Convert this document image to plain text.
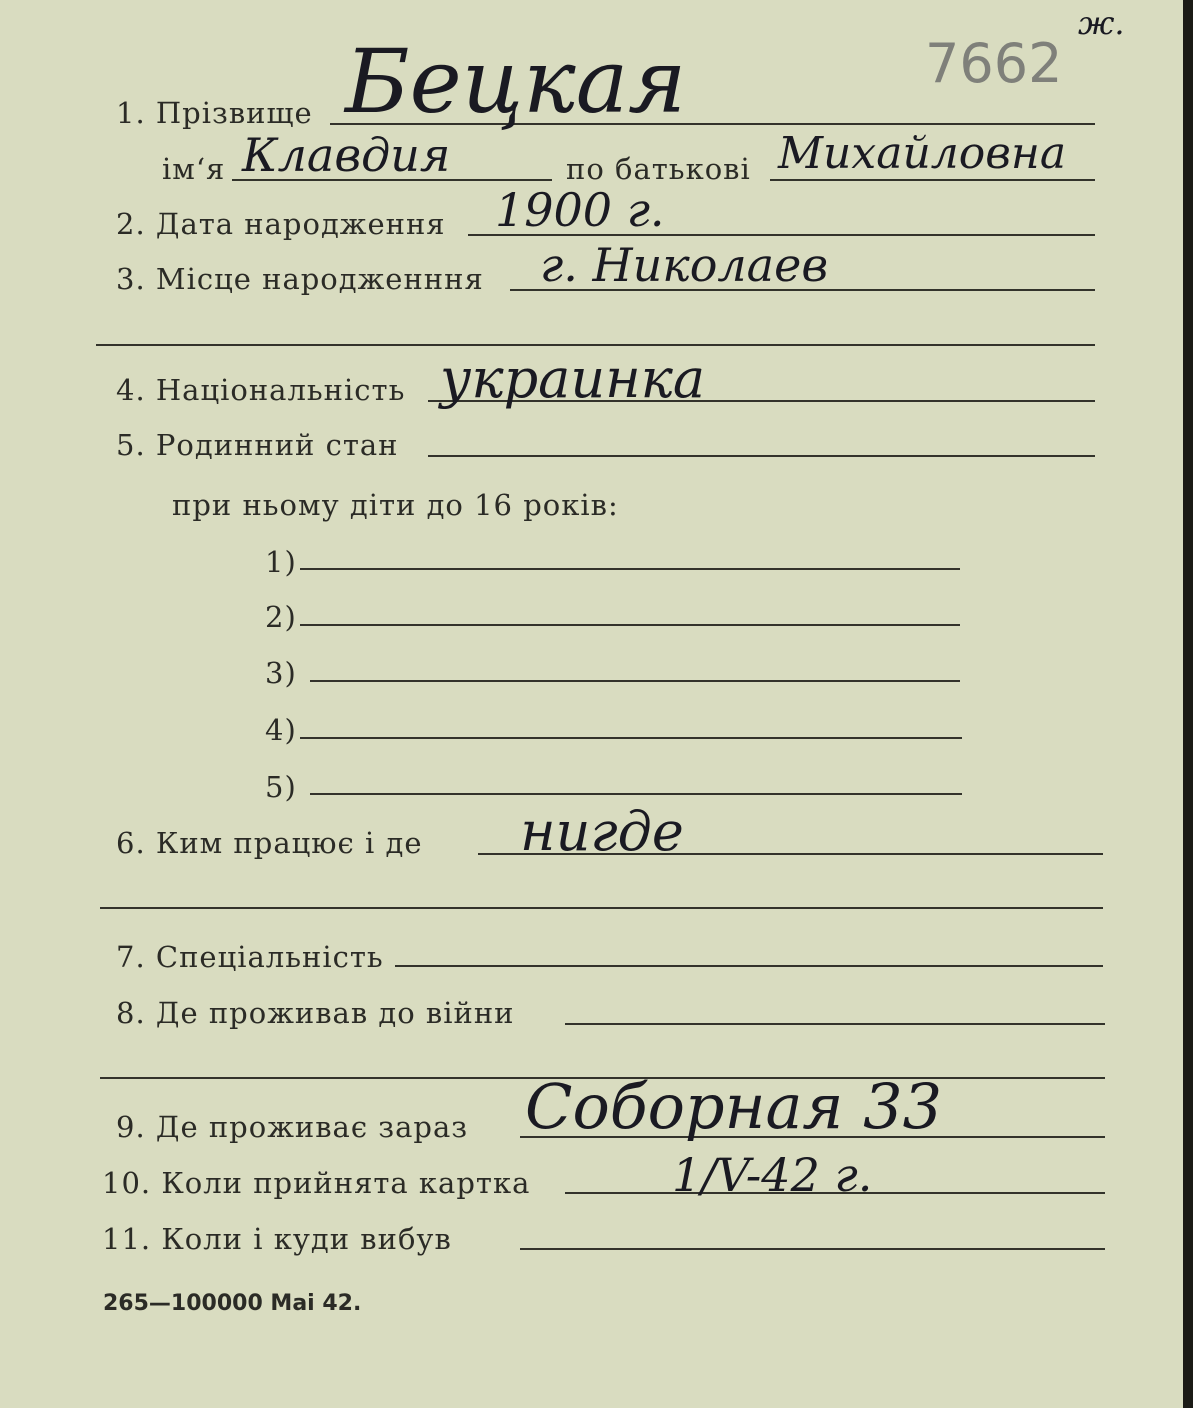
7662
ж.
1. Прізвище Бецкая
ім‘я Клавдия	по батькові Михайловна
2. Дата народження 1900 г.
3. Місце народженння г. Николаев
4. Національність украинка
5. Родинний стан
при ньому діти до 16 років:
1)
2)
3)
4)
5)
6. Ким працює і де нигде
7. Спеціальність
8. Де проживав до війни
9. Де проживає зараз Соборная 33
10. Коли прийнята картка	1/V-42 г.
11. Коли і куди вибув
265—100000 Mai 42.
